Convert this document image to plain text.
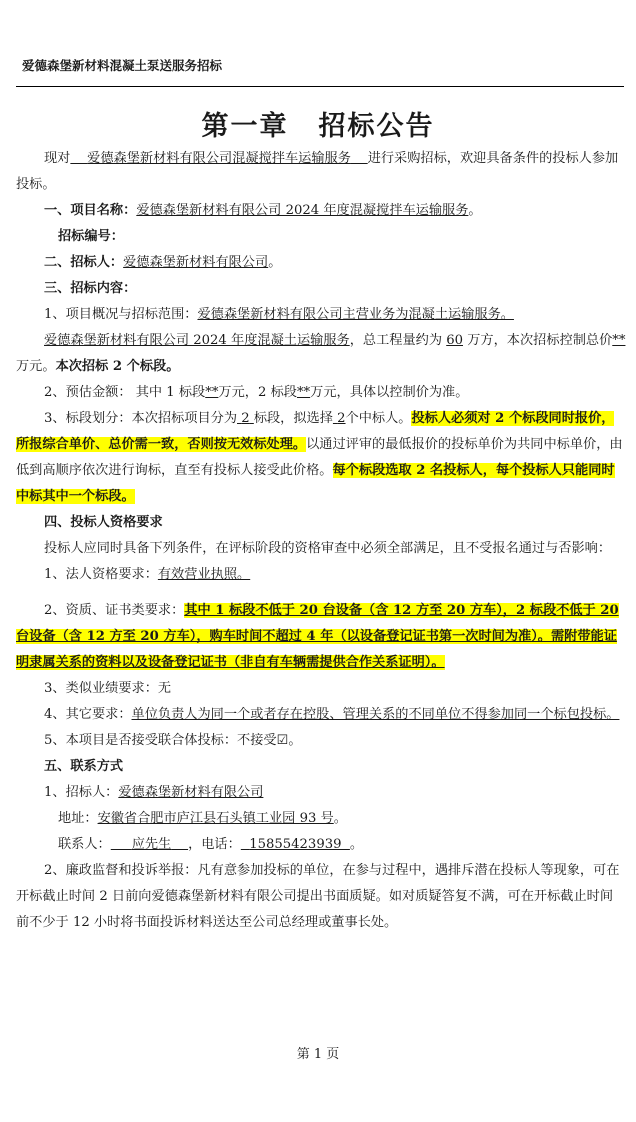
爱德森堡新材料混凝土泵送服务招标
第一章 招标公告

现对 爱德森堡新材料有限公司混凝搅拌车运输服务 进行采购招标，欢迎具备条件的投标人参加投标。

一、项目名称：爱德森堡新材料有限公司 2024 年度混凝搅拌车运输服务。

招标编号：

二、招标人：爱德森堡新材料有限公司。

三、招标内容：

1、项目概况与招标范围：爱德森堡新材料有限公司主营业务为混凝土运输服务。

爱德森堡新材料有限公司 2024 年度混凝土运输服务，总工程量约为 60 万方，本次招标控制总价**万元。本次招标 2 个标段。

2、预估金额： 其中 1 标段**万元，2 标段**万元，具体以控制价为准。

3、标段划分：本次招标项目分为 2 标段，拟选择 2个中标人。投标人必须对 2 个标段同时报价，所报综合单价、总价需一致，否则按无效标处理。以通过评审的最低报价的投标单价为共同中标单价，由低到高顺序依次进行询标，直至有投标人接受此价格。每个标段选取 2 名投标人，每个投标人只能同时中标其中一个标段。

四、投标人资格要求

投标人应同时具备下列条件，在评标阶段的资格审查中必须全部满足，且不受报名通过与否影响：

1、法人资格要求：有效营业执照。

2、资质、证书类要求：其中 1 标段不低于 20 台设备（含 12 方至 20 方车），2 标段不低于 20 台设备（含 12 方至 20 方车），购车时间不超过 4 年（以设备登记证书第一次时间为准）。需附带能证明隶属关系的资料以及设备登记证书（非自有车辆需提供合作关系证明）。

3、类似业绩要求：无

4、其它要求：单位负责人为同一个或者存在控股、管理关系的不同单位不得参加同一个标包投标。

5、本项目是否接受联合体投标：不接受☑。

五、联系方式

1、招标人：爱德森堡新材料有限公司

地址：安徽省合肥市庐江县石头镇工业园 93 号。

联系人： 应先生 ，电话： 15855423939 。

2、廉政监督和投诉举报：凡有意参加投标的单位，在参与过程中，遇排斥潜在投标人等现象，可在开标截止时间 2 日前向爱德森堡新材料有限公司提出书面质疑。如对质疑答复不满，可在开标截止时间前不少于 12 小时将书面投诉材料送达至公司总经理或董事长处。

第 1 页
